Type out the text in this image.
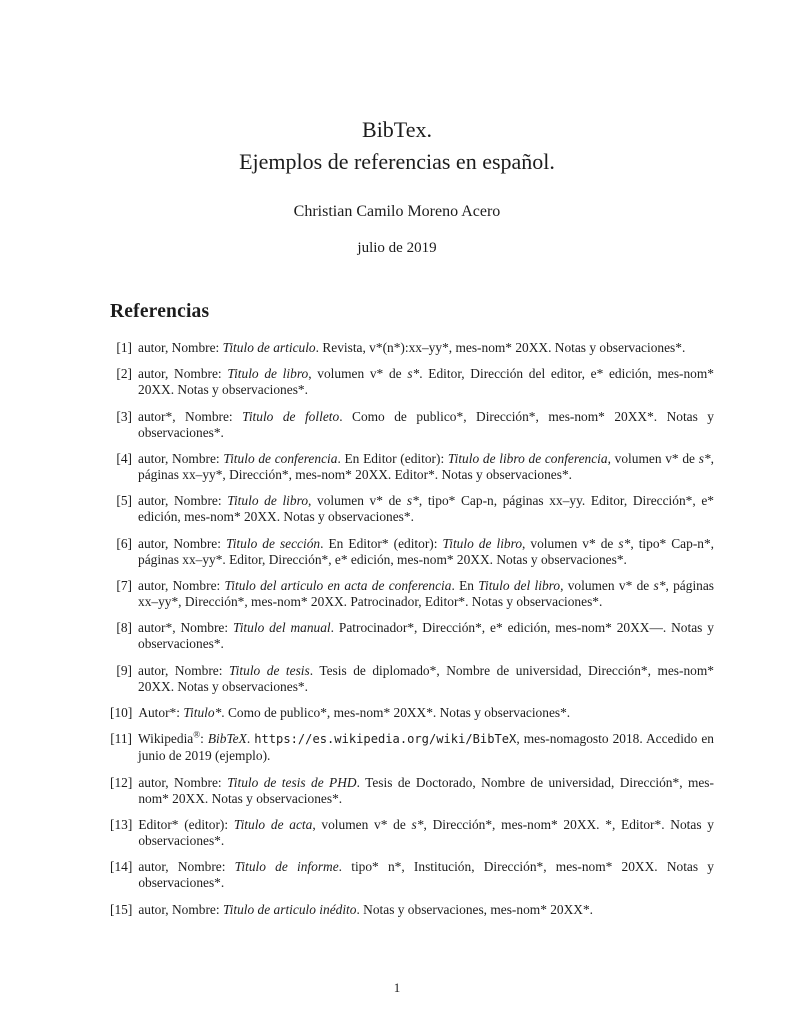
BibTex.
Ejemplos de referencias en español.
Christian Camilo Moreno Acero
julio de 2019
Referencias
[1] autor, Nombre: Titulo de articulo. Revista, v*(n*):xx–yy*, mes-nom* 20XX. Notas y observaciones*.
[2] autor, Nombre: Titulo de libro, volumen v* de s*. Editor, Dirección del editor, e* edición, mes-nom* 20XX. Notas y observaciones*.
[3] autor*, Nombre: Titulo de folleto. Como de publico*, Dirección*, mes-nom* 20XX*. Notas y observaciones*.
[4] autor, Nombre: Titulo de conferencia. En Editor (editor): Titulo de libro de conferencia, volumen v* de s*, páginas xx–yy*, Dirección*, mes-nom* 20XX. Editor*. Notas y observaciones*.
[5] autor, Nombre: Titulo de libro, volumen v* de s*, tipo* Cap-n, páginas xx–yy. Editor, Dirección*, e* edición, mes-nom* 20XX. Notas y observaciones*.
[6] autor, Nombre: Titulo de sección. En Editor* (editor): Titulo de libro, volumen v* de s*, tipo* Cap-n*, páginas xx–yy*. Editor, Dirección*, e* edición, mes-nom* 20XX. Notas y observaciones*.
[7] autor, Nombre: Titulo del articulo en acta de conferencia. En Titulo del libro, volumen v* de s*, páginas xx–yy*, Dirección*, mes-nom* 20XX. Patrocinador, Editor*. Notas y observaciones*.
[8] autor*, Nombre: Titulo del manual. Patrocinador*, Dirección*, e* edición, mes-nom* 20XX—. Notas y observaciones*.
[9] autor, Nombre: Titulo de tesis. Tesis de diplomado*, Nombre de universidad, Dirección*, mes-nom* 20XX. Notas y observaciones*.
[10] Autor*: Titulo*. Como de publico*, mes-nom* 20XX*. Notas y observaciones*.
[11] Wikipedia®: BibTeX. https://es.wikipedia.org/wiki/BibTeX, mes-nomagosto 2018. Accedido en junio de 2019 (ejemplo).
[12] autor, Nombre: Titulo de tesis de PHD. Tesis de Doctorado, Nombre de universidad, Dirección*, mes-nom* 20XX. Notas y observaciones*.
[13] Editor* (editor): Titulo de acta, volumen v* de s*, Dirección*, mes-nom* 20XX. *, Editor*. Notas y observaciones*.
[14] autor, Nombre: Titulo de informe. tipo* n*, Institución, Dirección*, mes-nom* 20XX. Notas y observaciones*.
[15] autor, Nombre: Titulo de articulo inédito. Notas y observaciones, mes-nom* 20XX*.
1
